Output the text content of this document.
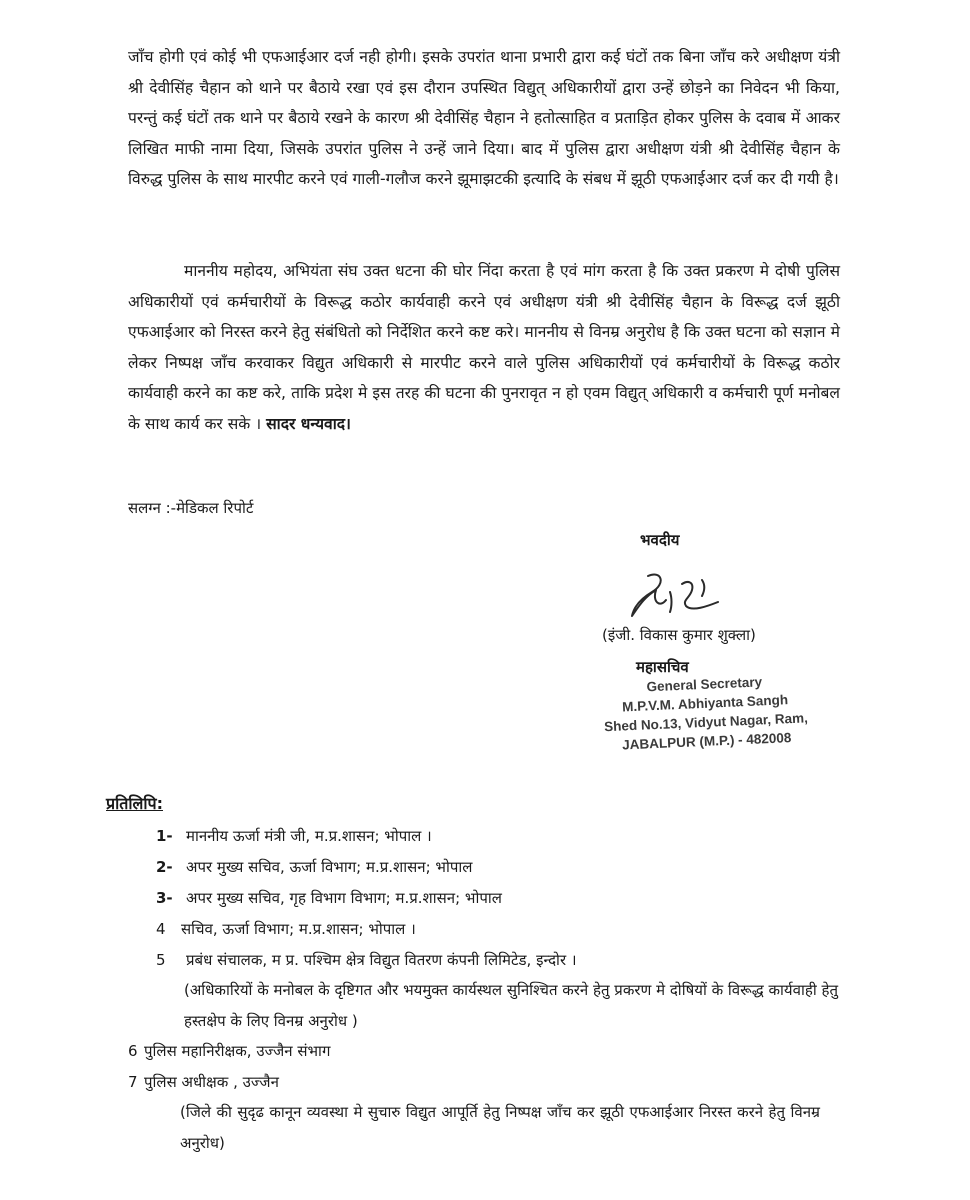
जाँच होगी एवं कोई भी एफआईआर दर्ज नही होगी। इसके उपरांत थाना प्रभारी द्वारा कई घंटों तक बिना जाँच करे अधीक्षण यंत्री श्री देवीसिंह चैहान को थाने पर बैठाये रखा एवं इस दौरान उपस्थित विद्युत् अधिकारीयों द्वारा उन्हें छोड़ने का निवेदन भी किया, परन्तुं कई घंटों तक थाने पर बैठाये रखने के कारण श्री देवीसिंह चैहान ने हतोत्साहित व प्रताड़ित होकर पुलिस के दवाब में आकर लिखित माफी नामा दिया, जिसके उपरांत पुलिस ने उन्हें जाने दिया। बाद में पुलिस द्वारा अधीक्षण यंत्री श्री देवीसिंह चैहान के विरुद्ध पुलिस के साथ मारपीट करने एवं गाली-गलौज करने झूमाझटकी इत्यादि के संबध में झूठी एफआईआर दर्ज कर दी गयी है।

माननीय महोदय, अभियंता संघ उक्त धटना की घोर निंदा करता है एवं मांग करता है कि उक्त प्रकरण मे दोषी पुलिस अधिकारीयों एवं कर्मचारीयों के विरूद्ध कठोर कार्यवाही करने एवं अधीक्षण यंत्री श्री देवीसिंह चैहान के विरूद्ध दर्ज झूठी एफआईआर को निरस्त करने हेतु संबंधितो को निर्देशित करने कष्ट करे। माननीय से विनम्र अनुरोध है कि उक्त घटना को सज्ञान मे लेकर निष्पक्ष जाँच करवाकर विद्युत अधिकारी से मारपीट करने वाले पुलिस अधिकारीयों एवं कर्मचारीयों के विरूद्ध कठोर कार्यवाही करने का कष्ट करे, ताकि प्रदेश मे इस तरह की घटना की पुनरावृत न हो एवम विद्युत् अधिकारी व कर्मचारी पूर्ण मनोबल के साथ कार्य कर सके । सादर धन्यवाद।

सलग्न :-मेडिकल रिपोर्ट
भवदीय
(इंजी. विकास कुमार शुक्ला)
महासचिव
General Secretary
M.P.V.M. Abhiyanta Sangh
Shed No.13, Vidyut Nagar, Ram,
JABALPUR (M.P.) - 482008
प्रतिलिपि:
1- माननीय ऊर्जा मंत्री जी, म.प्र.शासन; भोपाल ।
2- अपर मुख्य सचिव, ऊर्जा विभाग; म.प्र.शासन; भोपाल
3- अपर मुख्य सचिव, गृह विभाग विभाग; म.प्र.शासन; भोपाल
4 सचिव, ऊर्जा विभाग; म.प्र.शासन; भोपाल ।
5 प्रबंध संचालक, म प्र. पश्चिम क्षेत्र विद्युत वितरण कंपनी लिमिटेड, इन्दोर ।
(अधिकारियों के मनोबल के दृष्टिगत और भयमुक्त कार्यस्थल सुनिश्चित करने हेतु प्रकरण मे दोषियों के विरूद्ध कार्यवाही हेतु हस्तक्षेप के लिए विनम्र अनुरोध )
6 पुलिस महानिरीक्षक, उज्जैन संभाग
7 पुलिस अधीक्षक , उज्जैन
(जिले की सुदृढ कानून व्यवस्था मे सुचारु विद्युत आपूर्ति हेतु निष्पक्ष जाँच कर झूठी एफआईआर निरस्त करने हेतु विनम्र अनुरोध)
